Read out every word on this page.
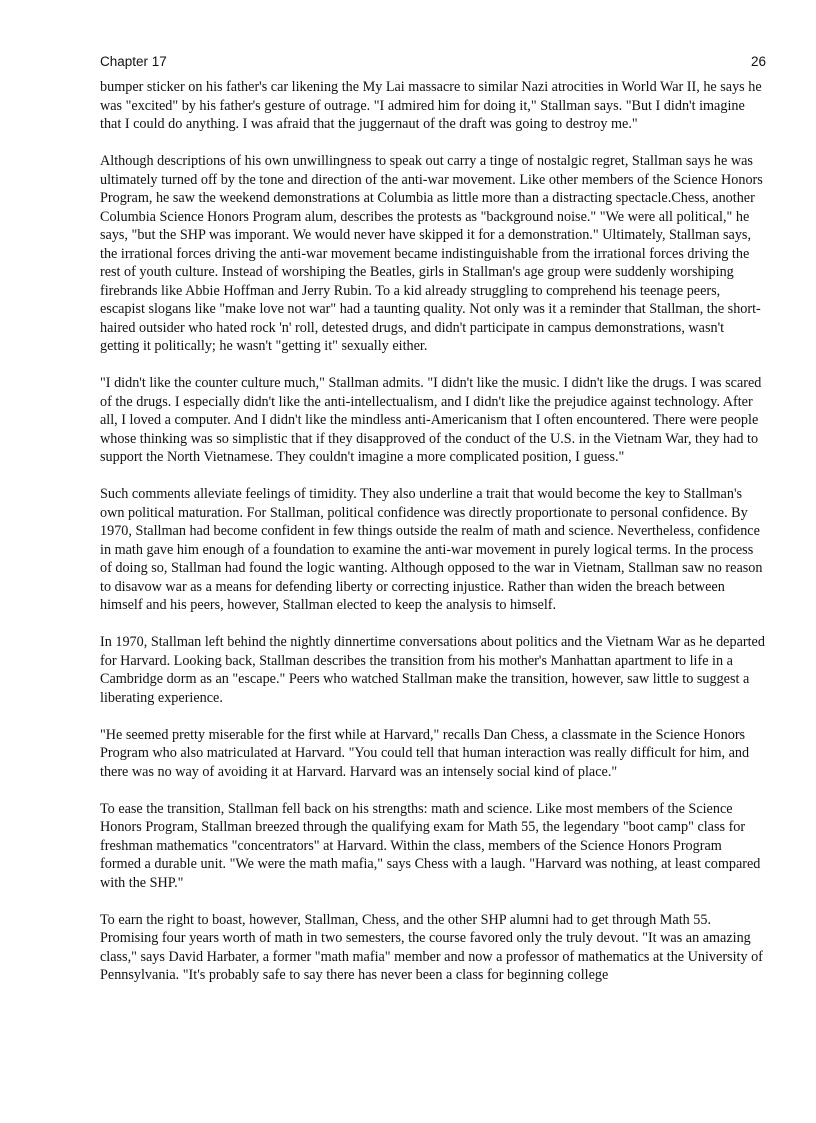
Chapter 17	26

bumper sticker on his father's car likening the My Lai massacre to similar Nazi atrocities in World War II, he says he was "excited" by his father's gesture of outrage. "I admired him for doing it," Stallman says. "But I didn't imagine that I could do anything. I was afraid that the juggernaut of the draft was going to destroy me."

Although descriptions of his own unwillingness to speak out carry a tinge of nostalgic regret, Stallman says he was ultimately turned off by the tone and direction of the anti-war movement. Like other members of the Science Honors Program, he saw the weekend demonstrations at Columbia as little more than a distracting spectacle.Chess, another Columbia Science Honors Program alum, describes the protests as "background noise." "We were all political," he says, "but the SHP was imporant. We would never have skipped it for a demonstration." Ultimately, Stallman says, the irrational forces driving the anti-war movement became indistinguishable from the irrational forces driving the rest of youth culture. Instead of worshiping the Beatles, girls in Stallman's age group were suddenly worshiping firebrands like Abbie Hoffman and Jerry Rubin. To a kid already struggling to comprehend his teenage peers, escapist slogans like "make love not war" had a taunting quality. Not only was it a reminder that Stallman, the short-haired outsider who hated rock 'n' roll, detested drugs, and didn't participate in campus demonstrations, wasn't getting it politically; he wasn't "getting it" sexually either.

"I didn't like the counter culture much," Stallman admits. "I didn't like the music. I didn't like the drugs. I was scared of the drugs. I especially didn't like the anti-intellectualism, and I didn't like the prejudice against technology. After all, I loved a computer. And I didn't like the mindless anti-Americanism that I often encountered. There were people whose thinking was so simplistic that if they disapproved of the conduct of the U.S. in the Vietnam War, they had to support the North Vietnamese. They couldn't imagine a more complicated position, I guess."

Such comments alleviate feelings of timidity. They also underline a trait that would become the key to Stallman's own political maturation. For Stallman, political confidence was directly proportionate to personal confidence. By 1970, Stallman had become confident in few things outside the realm of math and science. Nevertheless, confidence in math gave him enough of a foundation to examine the anti-war movement in purely logical terms. In the process of doing so, Stallman had found the logic wanting. Although opposed to the war in Vietnam, Stallman saw no reason to disavow war as a means for defending liberty or correcting injustice. Rather than widen the breach between himself and his peers, however, Stallman elected to keep the analysis to himself.

In 1970, Stallman left behind the nightly dinnertime conversations about politics and the Vietnam War as he departed for Harvard. Looking back, Stallman describes the transition from his mother's Manhattan apartment to life in a Cambridge dorm as an "escape." Peers who watched Stallman make the transition, however, saw little to suggest a liberating experience.

"He seemed pretty miserable for the first while at Harvard," recalls Dan Chess, a classmate in the Science Honors Program who also matriculated at Harvard. "You could tell that human interaction was really difficult for him, and there was no way of avoiding it at Harvard. Harvard was an intensely social kind of place."

To ease the transition, Stallman fell back on his strengths: math and science. Like most members of the Science Honors Program, Stallman breezed through the qualifying exam for Math 55, the legendary "boot camp" class for freshman mathematics "concentrators" at Harvard. Within the class, members of the Science Honors Program formed a durable unit. "We were the math mafia," says Chess with a laugh. "Harvard was nothing, at least compared with the SHP."

To earn the right to boast, however, Stallman, Chess, and the other SHP alumni had to get through Math 55. Promising four years worth of math in two semesters, the course favored only the truly devout. "It was an amazing class," says David Harbater, a former "math mafia" member and now a professor of mathematics at the University of Pennsylvania. "It's probably safe to say there has never been a class for beginning college
